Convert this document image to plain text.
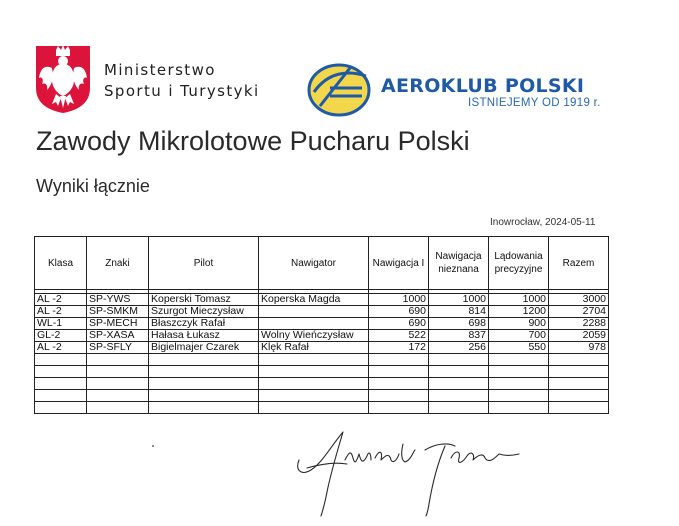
Ministerstwo
Sportu i Turystyki	AEROKLUB POLSKI
ISTNIEJEMY OD 1919 r.
Zawody Mikrolotowe Pucharu Polski
Wyniki łącznie
Inowrocław, 2024-05-11
Klasa	Znaki	Pilot	Nawigator	Nawigacja I	Nawigacja nieznana	Lądowania precyzyjne	Razem

AL -2	SP-YWS	Koperski Tomasz	Koperska Magda	1000	1000	1000	3000
AL -2	SP-SMKM	Szurgot Mieczysław		690	814	1200	2704
WL-1	SP-MECH	Błaszczyk Rafał		690	698	900	2288
GL-2	SP-XASA	Hałasa Łukasz	Wolny Wieńczysław	522	837	700	2059
AL -2	SP-SFLY	Bigielmajer Czarek	Klęk Rafał	172	256	550	978
